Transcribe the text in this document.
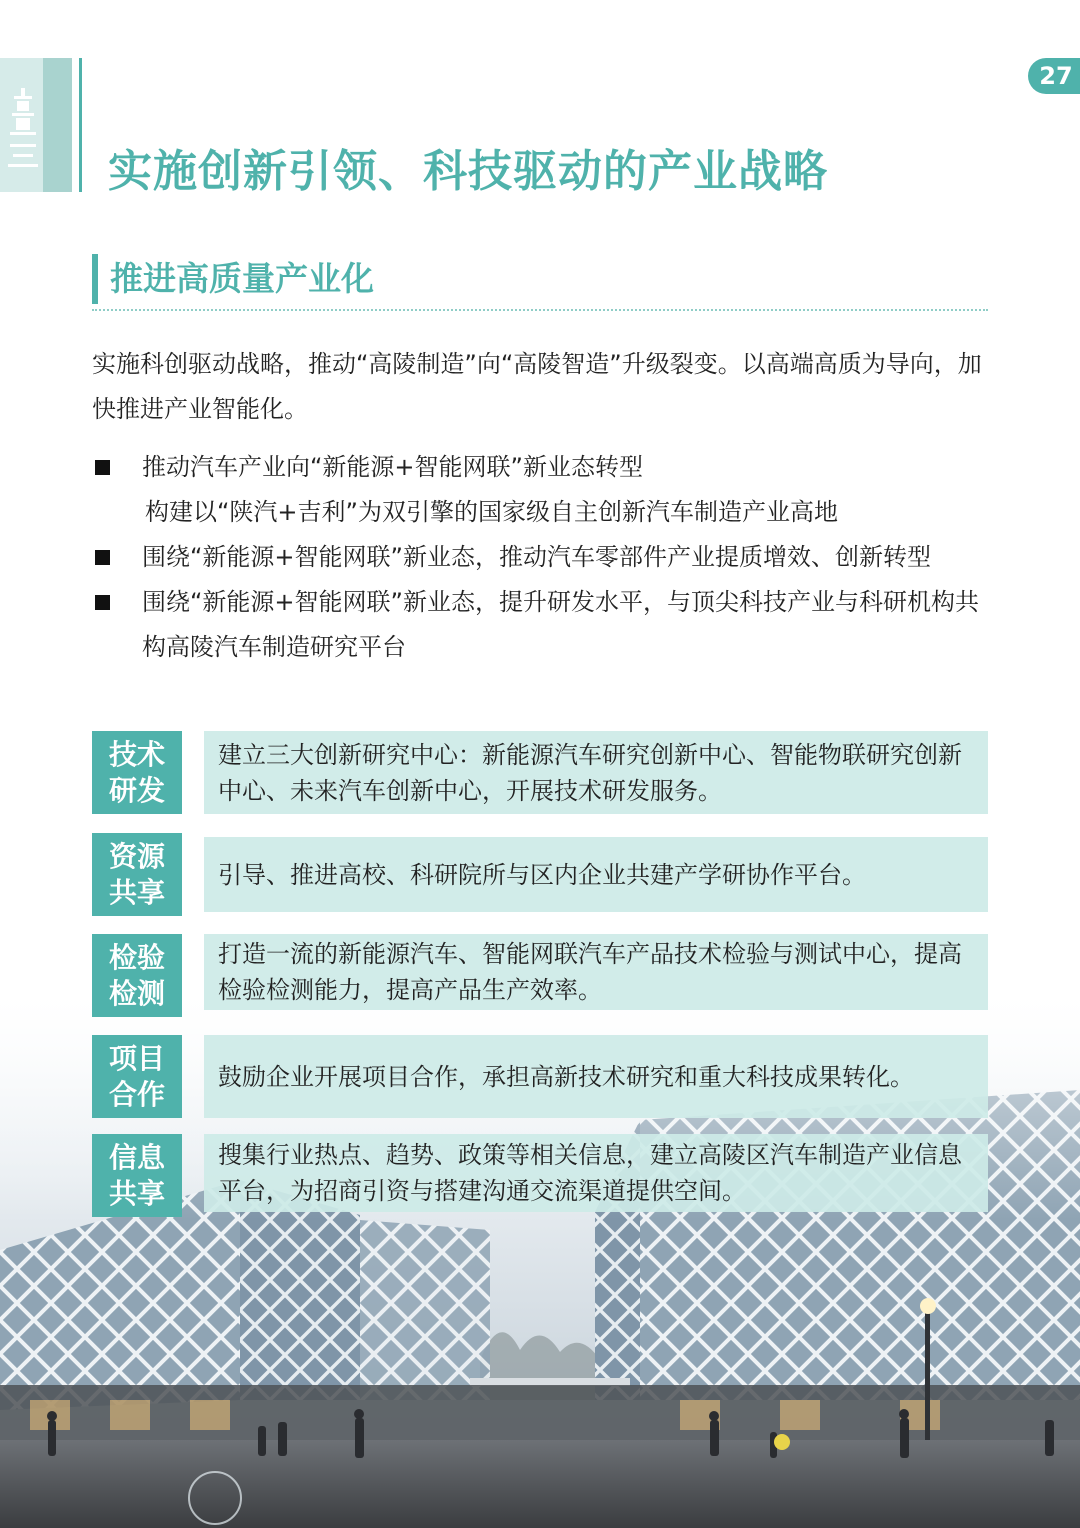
27
实施创新引领、科技驱动的产业战略
推进高质量产业化
实施科创驱动战略，推动“高陵制造”向“高陵智造”升级裂变。以高端高质为导向，加快推进产业智能化。
推动汽车产业向“新能源+智能网联”新业态转型
构建以“陕汽+吉利”为双引擎的国家级自主创新汽车制造产业高地
围绕“新能源+智能网联”新业态，推动汽车零部件产业提质增效、创新转型
围绕“新能源+智能网联”新业态，提升研发水平，与顶尖科技产业与科研机构共构高陵汽车制造研究平台
技术
研发
建立三大创新研究中心：新能源汽车研究创新中心、智能物联研究创新中心、未来汽车创新中心，开展技术研发服务。
资源
共享
引导、推进高校、科研院所与区内企业共建产学研协作平台。
检验
检测
打造一流的新能源汽车、智能网联汽车产品技术检验与测试中心，提高检验检测能力，提高产品生产效率。
项目
合作
鼓励企业开展项目合作，承担高新技术研究和重大科技成果转化。
信息
共享
搜集行业热点、趋势、政策等相关信息，建立高陵区汽车制造产业信息平台，为招商引资与搭建沟通交流渠道提供空间。
